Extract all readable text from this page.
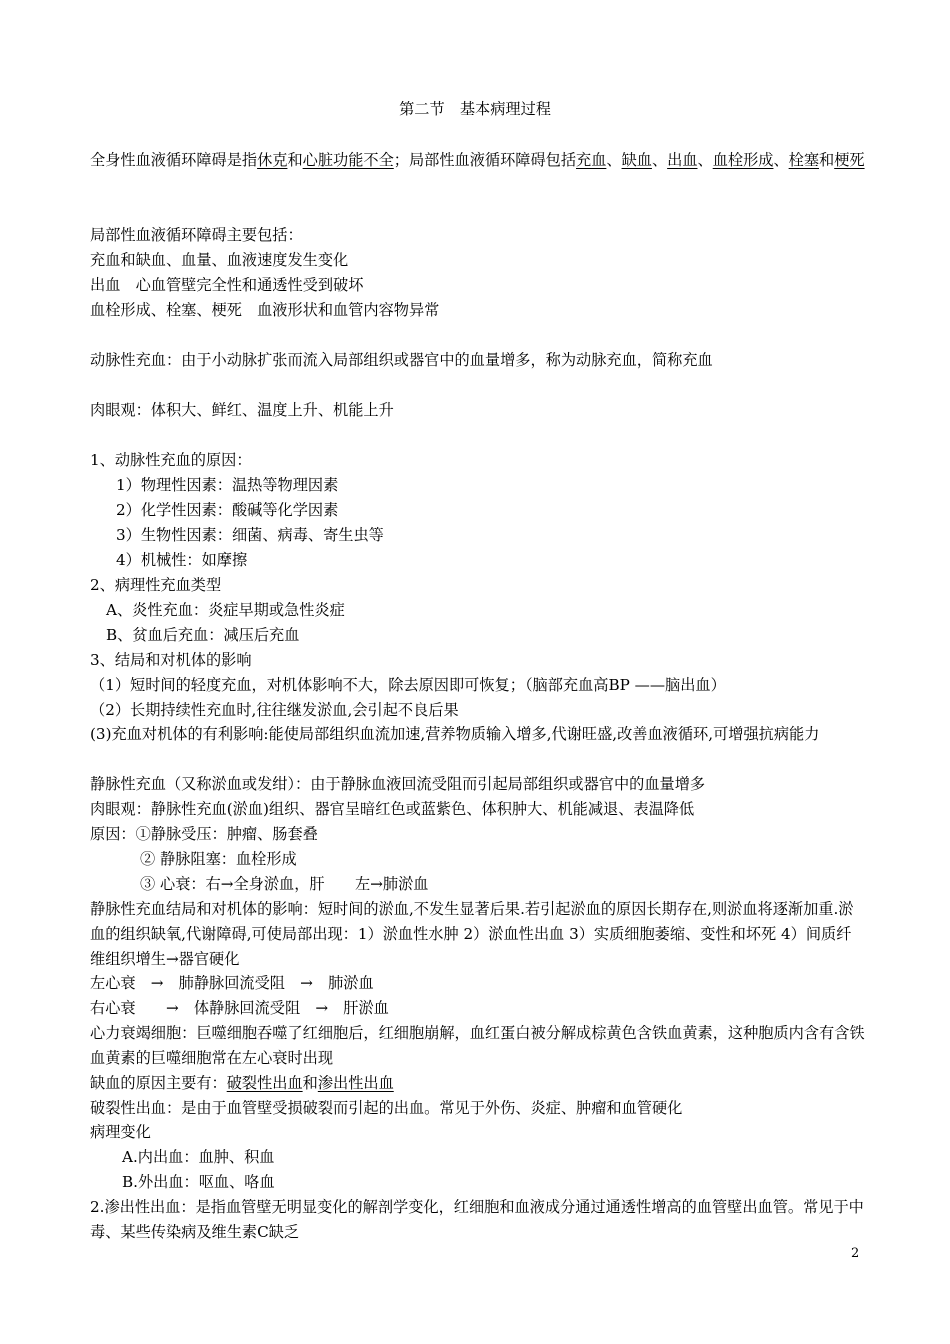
第二节　基本病理过程
全身性血液循环障碍是指休克和心脏功能不全；局部性血液循环障碍包括充血、缺血、出血、血栓形成、栓塞和梗死
局部性血液循环障碍主要包括：
充血和缺血、血量、血液速度发生变化
出血　心血管壁完全性和通透性受到破坏
血栓形成、栓塞、梗死　血液形状和血管内容物异常
动脉性充血：由于小动脉扩张而流入局部组织或器官中的血量增多，称为动脉充血，简称充血
肉眼观：体积大、鲜红、温度上升、机能上升
1、动脉性充血的原因：
1）物理性因素：温热等物理因素
2）化学性因素：酸碱等化学因素
3）生物性因素：细菌、病毒、寄生虫等
4）机械性：如摩擦
2、病理性充血类型
A、炎性充血：炎症早期或急性炎症
B、贫血后充血：减压后充血
3、结局和对机体的影响
（1）短时间的轻度充血，对机体影响不大，除去原因即可恢复；（脑部充血高BP ——脑出血）
（2）长期持续性充血时,往往继发淤血,会引起不良后果
(3)充血对机体的有利影响:能使局部组织血流加速,营养物质输入增多,代谢旺盛,改善血液循环,可增强抗病能力
静脉性充血（又称淤血或发绀）：由于静脉血液回流受阻而引起局部组织或器官中的血量增多
肉眼观：静脉性充血(淤血)组织、器官呈暗红色或蓝紫色、体积肿大、机能减退、表温降低
原因：①静脉受压：肿瘤、肠套叠
② 静脉阻塞：血栓形成
③ 心衰：右→全身淤血，肝　　左→肺淤血
静脉性充血结局和对机体的影响：短时间的淤血,不发生显著后果.若引起淤血的原因长期存在,则淤血将逐渐加重.淤血的组织缺氧,代谢障碍,可使局部出现：1）淤血性水肿 2）淤血性出血 3）实质细胞萎缩、变性和坏死 4）间质纤维组织增生→器官硬化
左心衰　→　肺静脉回流受阻　→　肺淤血
右心衰　　→　体静脉回流受阻　→　肝淤血
心力衰竭细胞：巨噬细胞吞噬了红细胞后，红细胞崩解，血红蛋白被分解成棕黄色含铁血黄素，这种胞质内含有含铁血黄素的巨噬细胞常在左心衰时出现
缺血的原因主要有：破裂性出血和渗出性出血
破裂性出血：是由于血管壁受损破裂而引起的出血。常见于外伤、炎症、肿瘤和血管硬化
病理变化
A.内出血：血肿、积血
B.外出血：呕血、咯血
2.渗出性出血：是指血管壁无明显变化的解剖学变化，红细胞和血液成分通过通透性增高的血管壁出血管。常见于中毒、某些传染病及维生素C缺乏
2
